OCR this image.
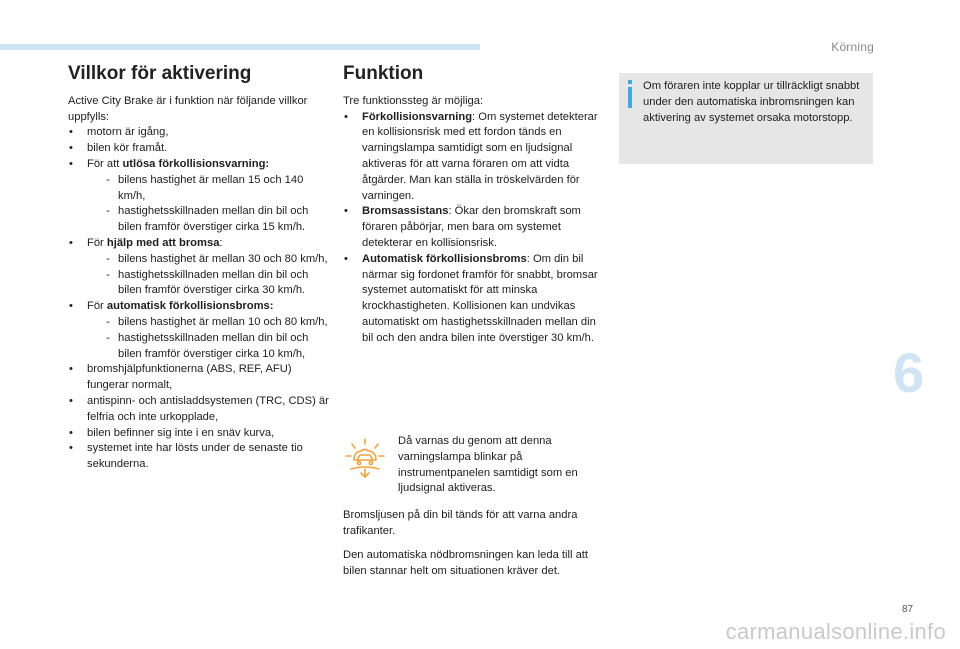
Körning
Villkor för aktivering

Active City Brake är i funktion när följande villkor uppfylls:

• motorn är igång,
• bilen kör framåt.
• För att utlösa förkollisionsvarning:
- bilens hastighet är mellan 15 och 140 km/h,
- hastighetsskillnaden mellan din bil och bilen framför överstiger cirka 15 km/h.
• För hjälp med att bromsa:
- bilens hastighet är mellan 30 och 80 km/h,
- hastighetsskillnaden mellan din bil och bilen framför överstiger cirka 30 km/h.
• För automatisk förkollisionsbroms:
- bilens hastighet är mellan 10 och 80 km/h,
- hastighetsskillnaden mellan din bil och bilen framför överstiger cirka 10 km/h,
• bromshjälpfunktionerna (ABS, REF, AFU) fungerar normalt,
• antispinn- och antisladdsystemen (TRC, CDS) är felfria och inte urkopplade,
• bilen befinner sig inte i en snäv kurva,
• systemet inte har lösts under de senaste tio sekunderna.
Funktion

Tre funktionssteg är möjliga:

• Förkollisionsvarning: Om systemet detekterar en kollisionsrisk med ett fordon tänds en varningslampa samtidigt som en ljudsignal aktiveras för att varna föraren om att vidta åtgärder. Man kan ställa in tröskelvärden för varningen.
• Bromsassistans: Ökar den bromskraft som föraren påbörjar, men bara om systemet detekterar en kollisionsrisk.
• Automatisk förkollisionsbroms: Om din bil närmar sig fordonet framför för snabbt, bromsar systemet automatiskt för att minska krockhastigheten. Kollisionen kan undvikas automatiskt om hastighetsskillnaden mellan din bil och den andra bilen inte överstiger 30 km/h.

Då varnas du genom att denna varningslampa blinkar på instrumentpanelen samtidigt som en ljudsignal aktiveras.

Bromsljusen på din bil tänds för att varna andra trafikanter.

Den automatiska nödbromsningen kan leda till att bilen stannar helt om situationen kräver det.

Om föraren inte kopplar ur tillräckligt snabbt under den automatiska inbromsningen kan aktivering av systemet orsaka motorstopp.

6
87
carmanualsonline.info
